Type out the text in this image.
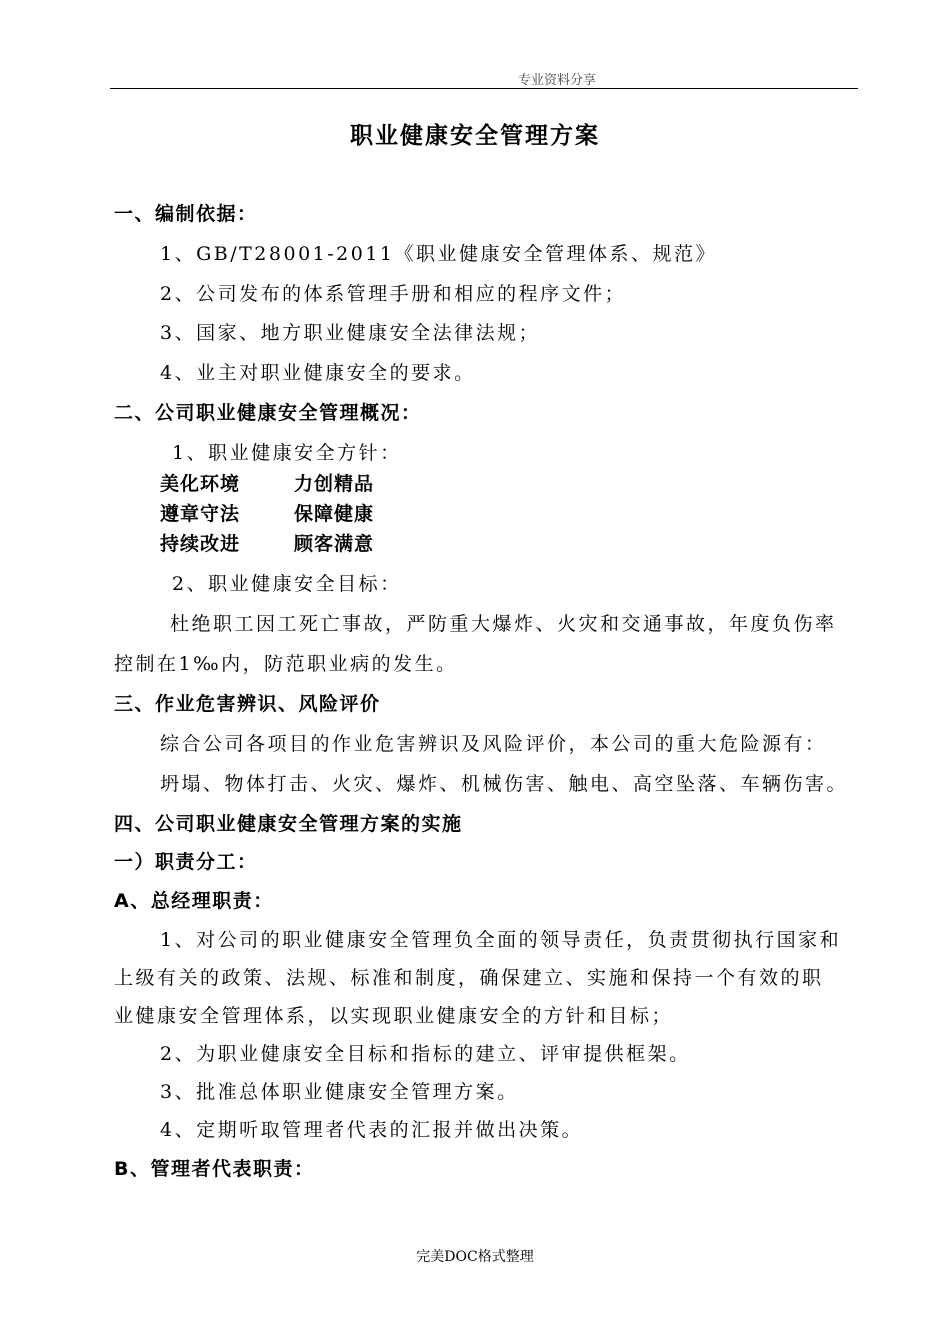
专业资料分享
职业健康安全管理方案
一、编制依据：
1、GB/T28001-2011《职业健康安全管理体系、规范》
2、公司发布的体系管理手册和相应的程序文件；
3、国家、地方职业健康安全法律法规；
4、业主对职业健康安全的要求。
二、公司职业健康安全管理概况：
1、职业健康安全方针：
美化环境	力创精品
遵章守法	保障健康
持续改进	顾客满意
2、职业健康安全目标：
杜绝职工因工死亡事故，严防重大爆炸、火灾和交通事故，年度负伤率
控制在1‰内，防范职业病的发生。
三、作业危害辨识、风险评价
综合公司各项目的作业危害辨识及风险评价，本公司的重大危险源有：
坍塌、物体打击、火灾、爆炸、机械伤害、触电、高空坠落、车辆伤害。
四、公司职业健康安全管理方案的实施
一）职责分工：
A、总经理职责：
1、对公司的职业健康安全管理负全面的领导责任，负责贯彻执行国家和
上级有关的政策、法规、标准和制度，确保建立、实施和保持一个有效的职
业健康安全管理体系，以实现职业健康安全的方针和目标；
2、为职业健康安全目标和指标的建立、评审提供框架。
3、批准总体职业健康安全管理方案。
4、定期听取管理者代表的汇报并做出决策。
B、管理者代表职责：
完美DOC格式整理
